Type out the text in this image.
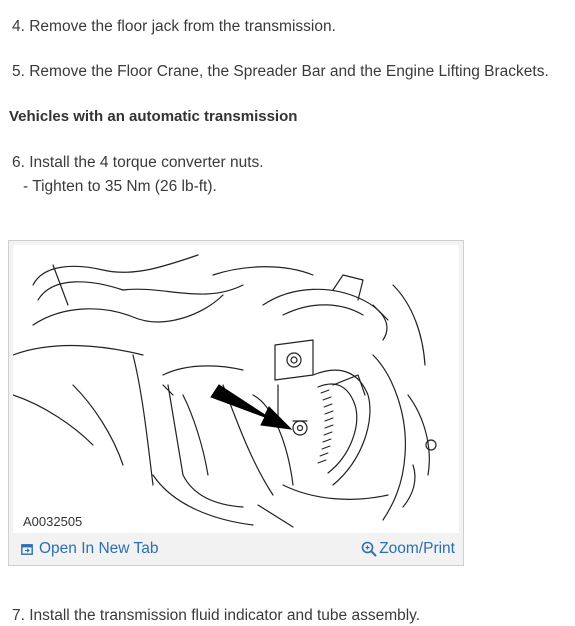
4. Remove the floor jack from the transmission.
5. Remove the Floor Crane, the Spreader Bar and the Engine Lifting Brackets.
Vehicles with an automatic transmission
6. Install the 4 torque converter nuts.
- Tighten to 35 Nm (26 lb-ft).
A0032505
Open In New Tab	Zoom/Print
7. Install the transmission fluid indicator and tube assembly.
